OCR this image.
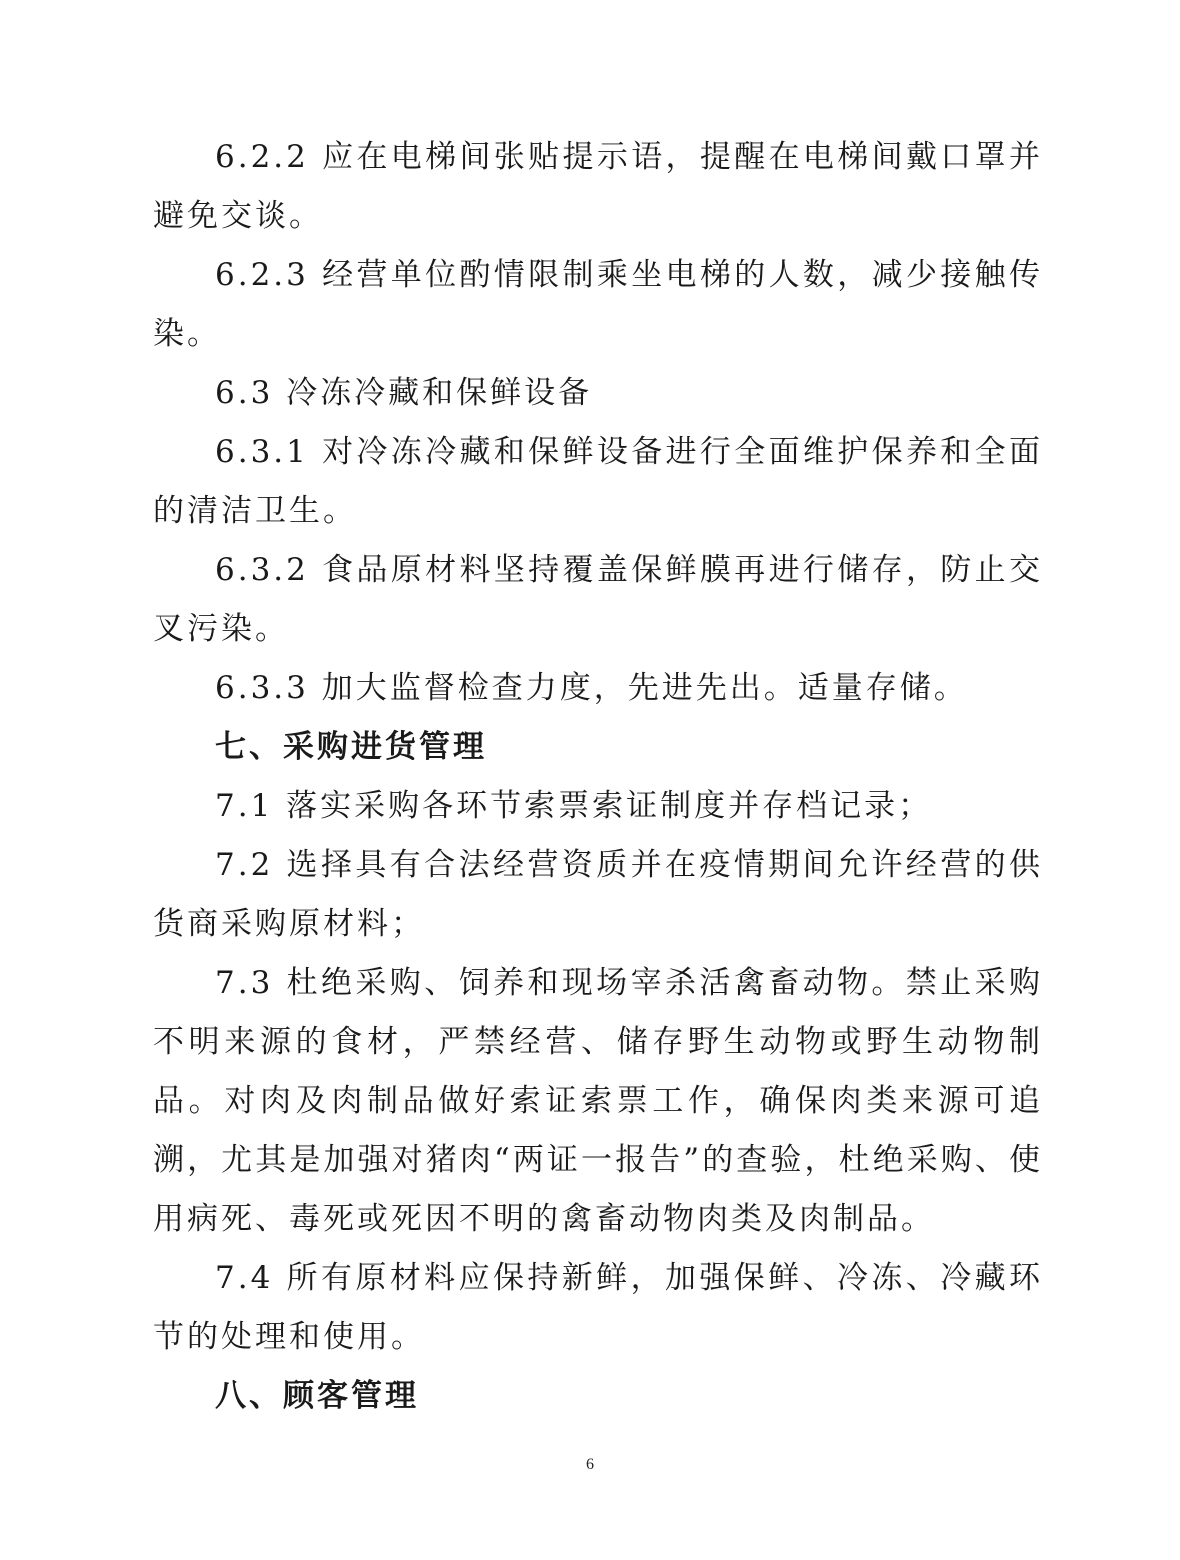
6.2.2 应在电梯间张贴提示语，提醒在电梯间戴口罩并避免交谈。

6.2.3 经营单位酌情限制乘坐电梯的人数，减少接触传染。

6.3 冷冻冷藏和保鲜设备

6.3.1 对冷冻冷藏和保鲜设备进行全面维护保养和全面的清洁卫生。

6.3.2 食品原材料坚持覆盖保鲜膜再进行储存，防止交叉污染。

6.3.3 加大监督检查力度，先进先出。适量存储。

七、采购进货管理

7.1 落实采购各环节索票索证制度并存档记录；

7.2 选择具有合法经营资质并在疫情期间允许经营的供货商采购原材料；

7.3 杜绝采购、饲养和现场宰杀活禽畜动物。禁止采购不明来源的食材，严禁经营、储存野生动物或野生动物制品。对肉及肉制品做好索证索票工作，确保肉类来源可追溯，尤其是加强对猪肉“两证一报告”的查验，杜绝采购、使用病死、毒死或死因不明的禽畜动物肉类及肉制品。

7.4 所有原材料应保持新鲜，加强保鲜、冷冻、冷藏环节的处理和使用。

八、顾客管理

6
